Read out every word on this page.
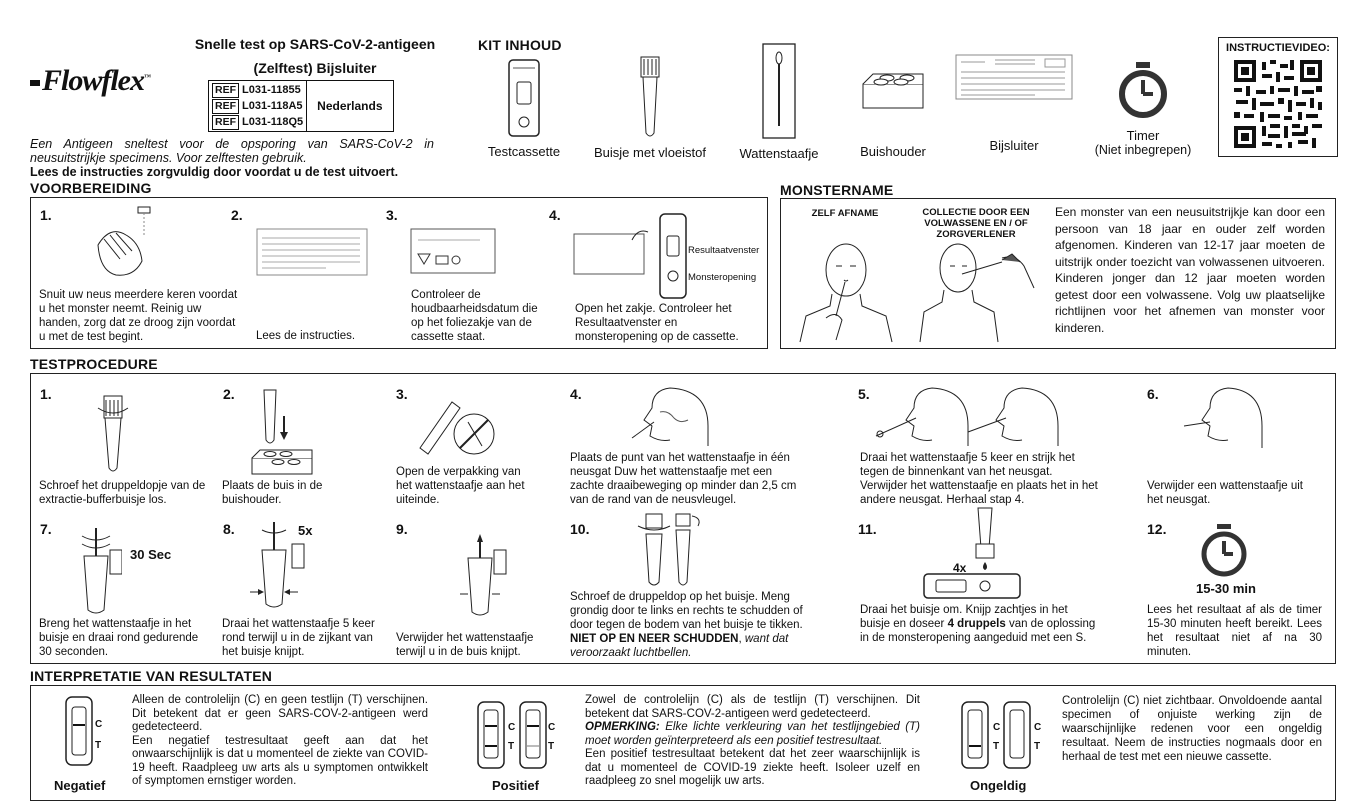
Flowflex™
Snelle test op SARS-CoV-2-antigeen
(Zelftest) Bijsluiter
REF L031-11855
REF L031-118A5
REF L031-118Q5
Nederlands
Een Antigeen sneltest voor de opsporing van SARS-CoV-2 in neusuitstrijkje specimens. Voor zelftesten gebruik.
Lees de instructies zorgvuldig door voordat u de test uitvoert.
KIT INHOUD
Testcassette	Buisje met vloeistof	Wattenstaafje	Buishouder	Bijsluiter
Timer
(Niet inbegrepen)
INSTRUCTIEVIDEO:
VOORBEREIDING
1.
Snuit uw neus meerdere keren voordat u het monster neemt. Reinig uw handen, zorg dat ze droog zijn voordat u met de test begint.
2.
Lees de instructies.
3.
Controleer de houdbaarheidsdatum die op het foliezakje van de cassette staat.
4.
Resultaatvenster
Monsteropening
Open het zakje. Controleer het Resultaatvenster en monsteropening op de cassette.
MONSTERNAME
ZELF AFNAME	COLLECTIE DOOR EEN VOLWASSENE EN / OF ZORGVERLENER
Een monster van een neusuitstrijkje kan door een persoon van 18 jaar en ouder zelf worden afgenomen. Kinderen van 12-17 jaar moeten de uitstrijk onder toezicht van volwassenen uitvoeren. Kinderen jonger dan 12 jaar moeten worden getest door een volwassene. Volg uw plaatselijke richtlijnen voor het afnemen van monster voor kinderen.
TESTPROCEDURE
1.
Schroef het druppeldopje van de extractie-bufferbuisje los.
2.
Plaats de buis in de buishouder.
3.
Open de verpakking van het wattenstaafje aan het uiteinde.
4.
Plaats de punt van het wattenstaafje in één neusgat Duw het wattenstaafje met een zachte draaibeweging op minder dan 2,5 cm van de rand van de neusvleugel.
5.
Draai het wattenstaafje 5 keer en strijk het tegen de binnenkant van het neusgat. Verwijder het wattenstaafje en plaats het in het andere neusgat. Herhaal stap 4.
6.
Verwijder een wattenstaafje uit het neusgat.
7.
30 Sec
Breng het wattenstaafje in het buisje en draai rond gedurende 30 seconden.
8.	5x
Draai het wattenstaafje 5 keer rond terwijl u in de zijkant van het buisje knijpt.
9.
Verwijder het wattenstaafje terwijl u in de buis knijpt.
10.
Schroef de druppeldop op het buisje. Meng grondig door te links en rechts te schudden of door tegen de bodem van het buisje te tikken. NIET OP EN NEER SCHUDDEN, want dat veroorzaakt luchtbellen.
11.
4x
Draai het buisje om. Knijp zachtjes in het buisje en doseer 4 druppels van de oplossing in de monsteropening aangeduid met een S.
12.
15-30 min
Lees het resultaat af als de timer 15-30 minuten heeft bereikt. Lees het resultaat niet af na 30 minuten.
INTERPRETATIE VAN RESULTATEN
C
T
Negatief
Alleen de controlelijn (C) en geen testlijn (T) verschijnen. Dit betekent dat er geen SARS-COV-2-antigeen werd gedetecteerd.
Een negatief testresultaat geeft aan dat het onwaarschijnlijk is dat u momenteel de ziekte van COVID-19 heeft. Raadpleeg uw arts als u symptomen ontwikkelt of symptomen ernstiger worden.
C
T
C
T
Positief
Zowel de controlelijn (C) als de testlijn (T) verschijnen. Dit betekent dat SARS-COV-2-antigeen werd gedetecteerd.
OPMERKING: Elke lichte verkleuring van het testlijngebied (T) moet worden geïnterpreteerd als een positief testresultaat.
Een positief testresultaat betekent dat het zeer waarschijnlijk is dat u momenteel de COVID-19 ziekte heeft. Isoleer uzelf en raadpleeg zo snel mogelijk uw arts.
C
T
C
T
Ongeldig
Controlelijn (C) niet zichtbaar. Onvoldoende aantal specimen of onjuiste werking zijn de waarschijnlijke redenen voor een ongeldig resultaat. Neem de instructies nogmaals door en herhaal de test met een nieuwe cassette.
